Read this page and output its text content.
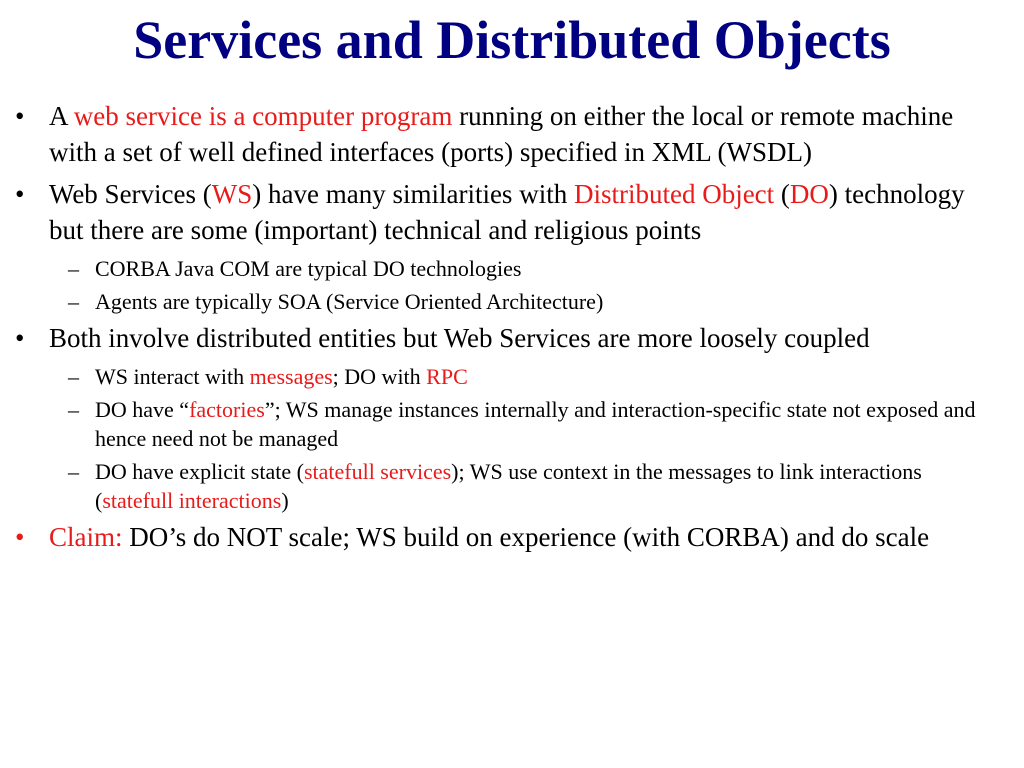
Services and Distributed Objects
• A web service is a computer program running on either the local or remote machine with a set of well defined interfaces (ports) specified in XML (WSDL)
• Web Services (WS) have many similarities with Distributed Object (DO) technology but there are some (important) technical and religious points
– CORBA Java COM are typical DO technologies
– Agents are typically SOA (Service Oriented Architecture)
• Both involve distributed entities but Web Services are more loosely coupled
– WS interact with messages; DO with RPC
– DO have “factories”; WS manage instances internally and interaction-specific state not exposed and hence need not be managed
– DO have explicit state (statefull services); WS use context in the messages to link interactions (statefull interactions)
• Claim: DO’s do NOT scale; WS build on experience (with CORBA) and do scale
